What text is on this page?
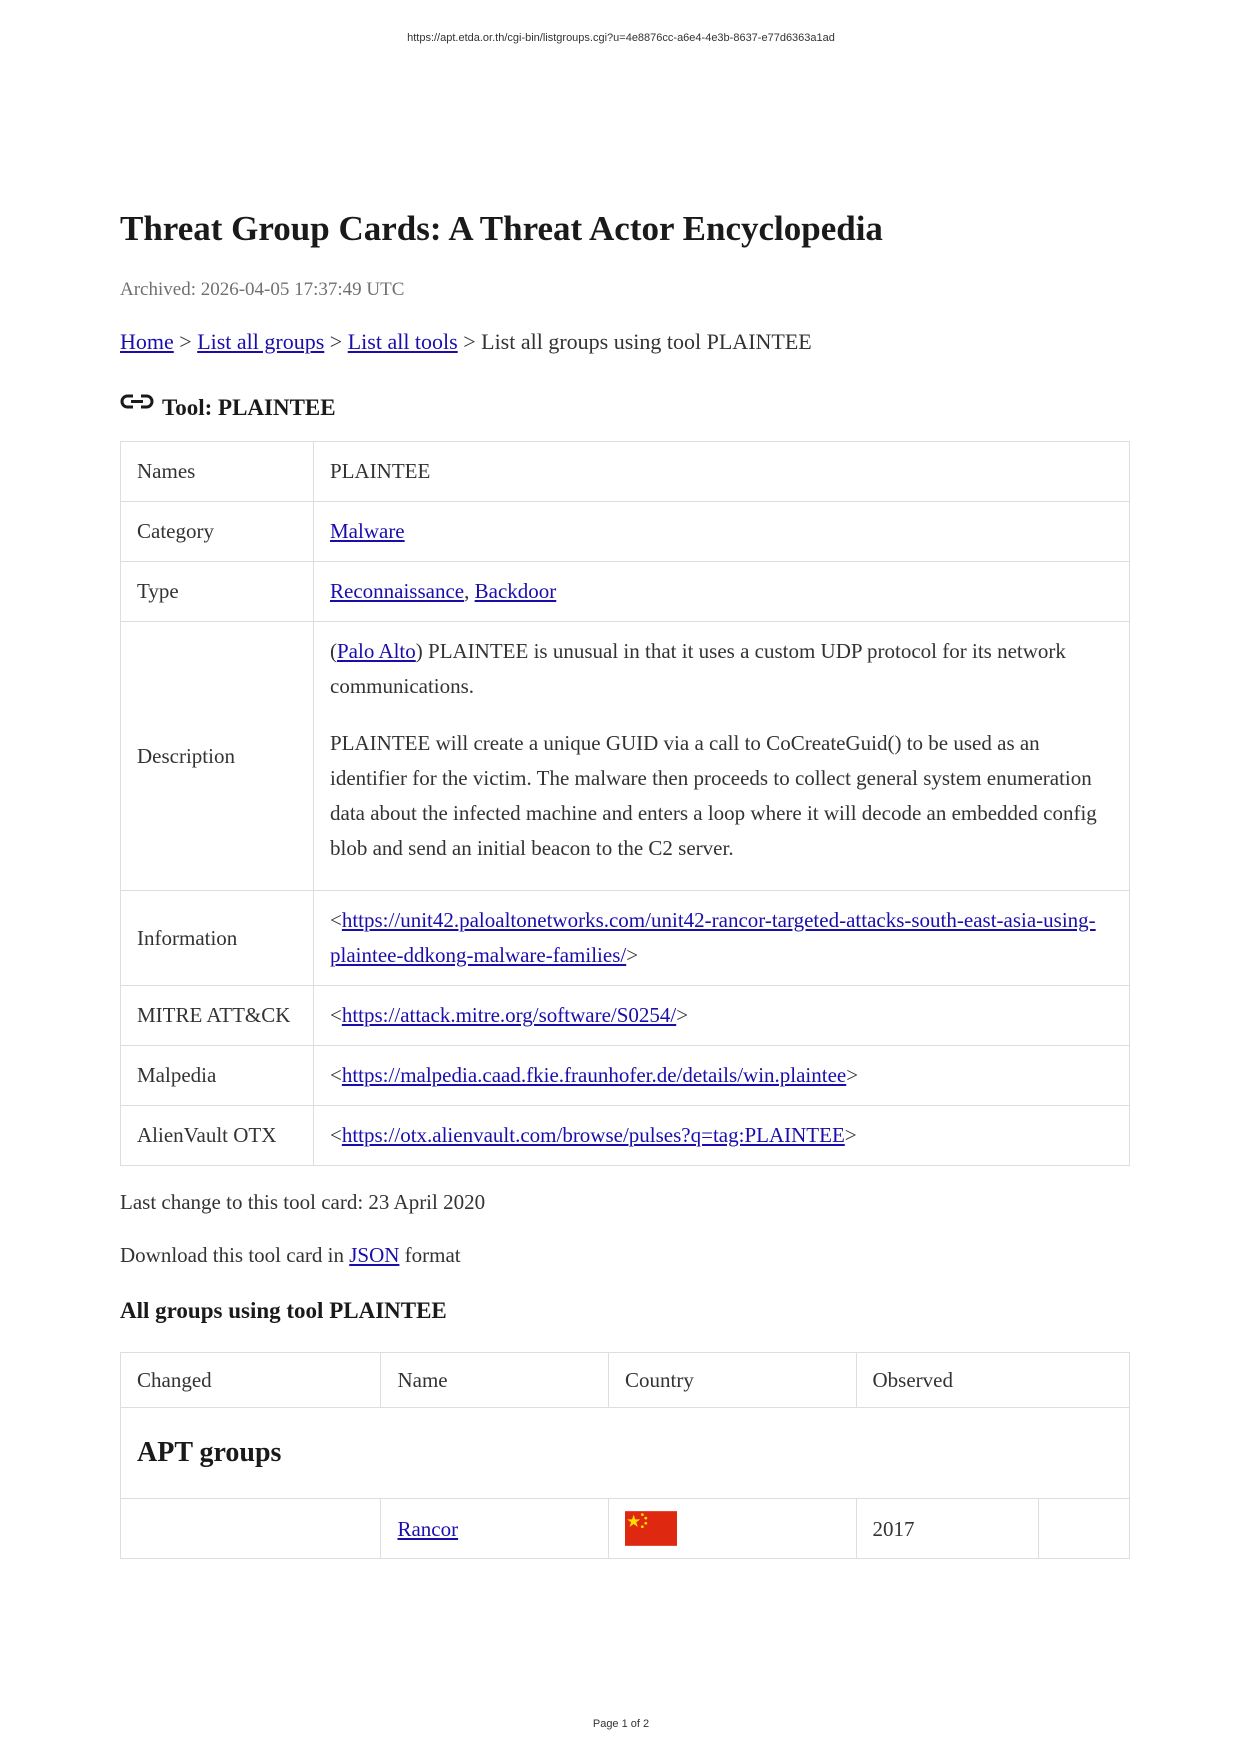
https://apt.etda.or.th/cgi-bin/listgroups.cgi?u=4e8876cc-a6e4-4e3b-8637-e77d6363a1ad
Threat Group Cards: A Threat Actor Encyclopedia
Archived: 2026-04-05 17:37:49 UTC
Home > List all groups > List all tools > List all groups using tool PLAINTEE
Tool: PLAINTEE
Names	PLAINTEE
Category	Malware
Type	Reconnaissance, Backdoor
Description	(Palo Alto) PLAINTEE is unusual in that it uses a custom UDP protocol for its network communications.

PLAINTEE will create a unique GUID via a call to CoCreateGuid() to be used as an identifier for the victim. The malware then proceeds to collect general system enumeration data about the infected machine and enters a loop where it will decode an embedded config blob and send an initial beacon to the C2 server.

Information	<https://unit42.paloaltonetworks.com/unit42-rancor-targeted-attacks-south-east-asia-using-plaintee-ddkong-malware-families/>
MITRE ATT&CK	<https://attack.mitre.org/software/S0254/>
Malpedia	<https://malpedia.caad.fkie.fraunhofer.de/details/win.plaintee>
AlienVault OTX	<https://otx.alienvault.com/browse/pulses?q=tag:PLAINTEE>
Last change to this tool card: 23 April 2020
Download this tool card in JSON format
All groups using tool PLAINTEE
Changed	Name	Country	Observed	
APT groups				
	Rancor		2017	
Page 1 of 2
